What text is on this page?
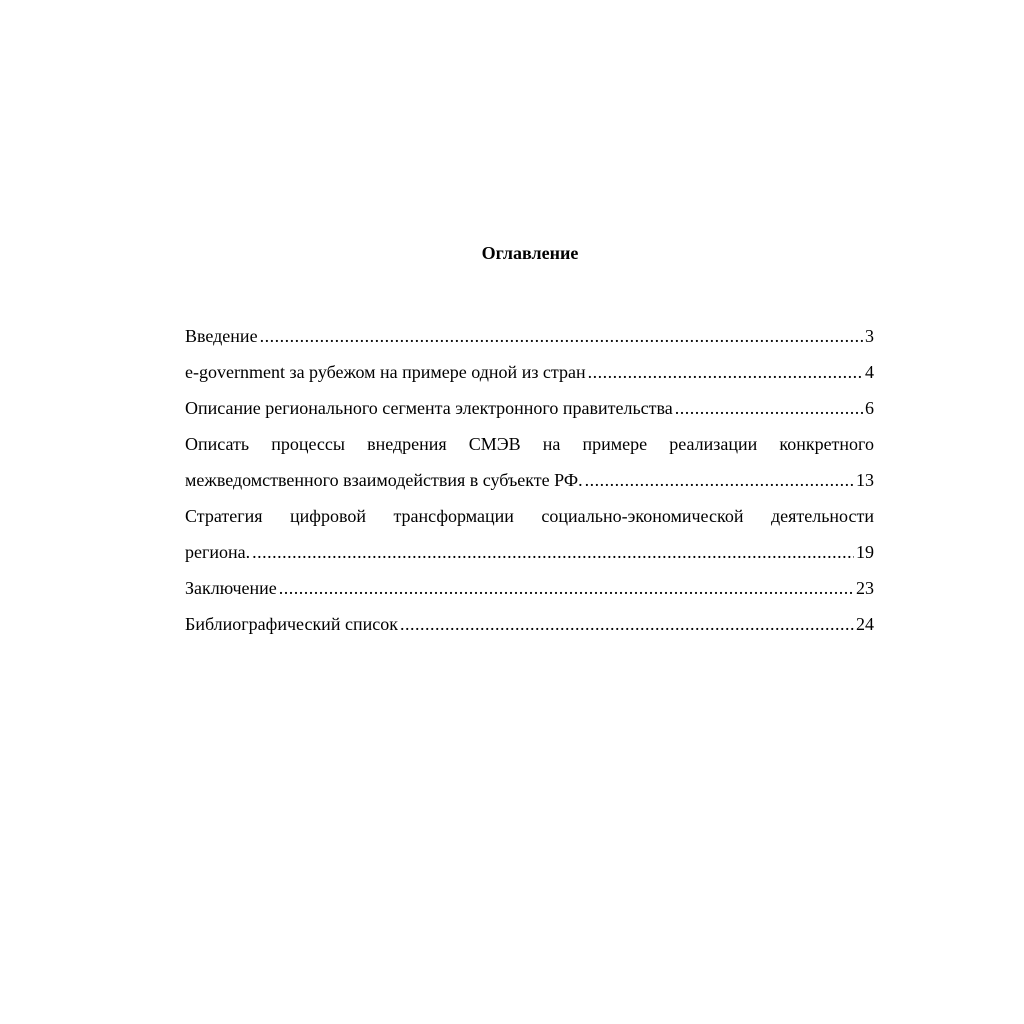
Оглавление
Введение .....	3
e-government за рубежом на примере одной из стран .....	4
Описание регионального сегмента электронного правительства .....	6
Описать процессы внедрения СМЭВ на примере реализации конкретного
межведомственного взаимодействия в субъекте РФ. .....	13
Стратегия цифровой трансформации социально-экономической деятельности
региона. .....	19
Заключение .....	23
Библиографический список .....	24
